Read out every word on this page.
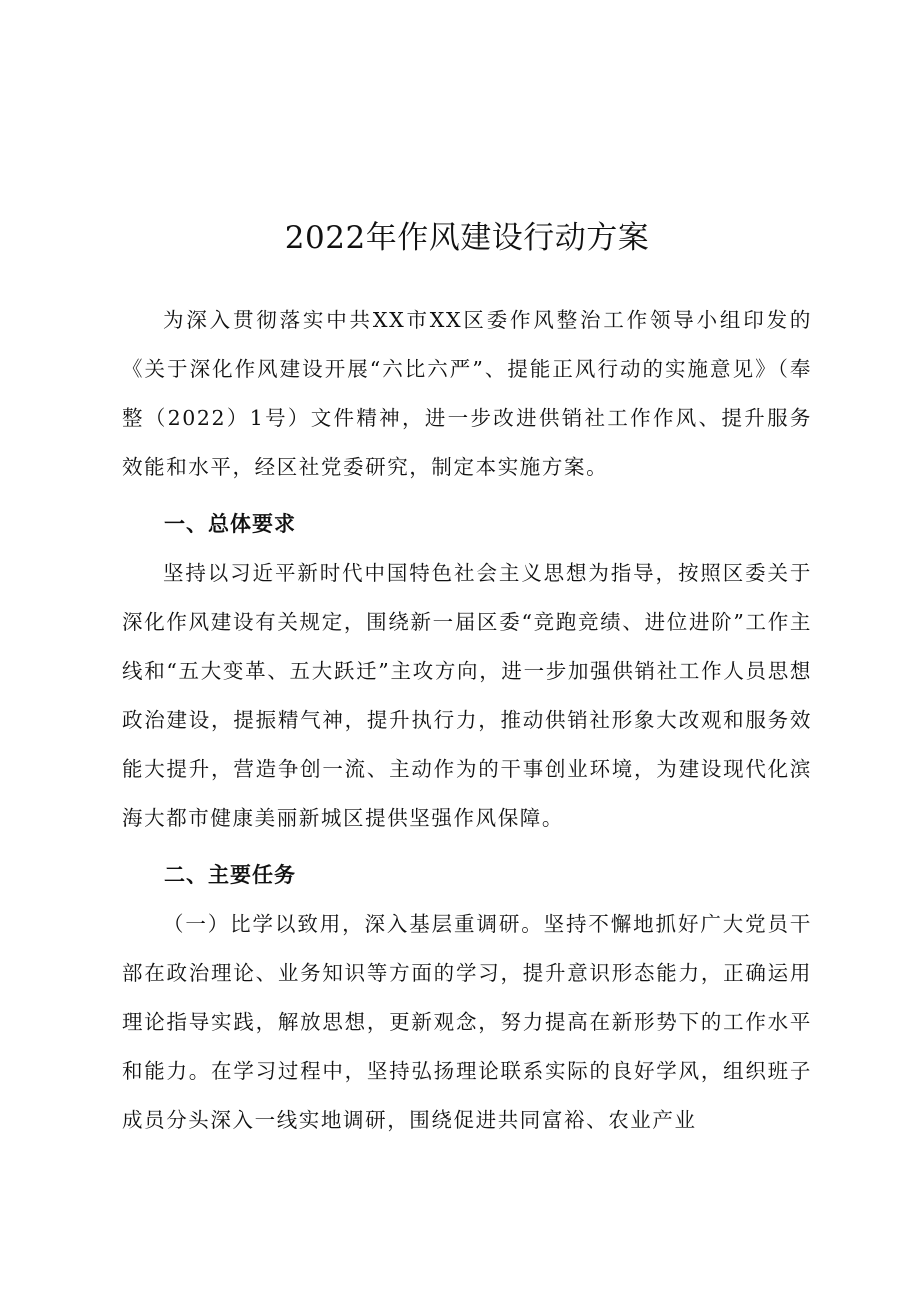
2022年作风建设行动方案

为深入贯彻落实中共XX市XX区委作风整治工作领导小组印发的《关于深化作风建设开展“六比六严”、提能正风行动的实施意见》（奉整（2022）1号）文件精神，进一步改进供销社工作作风、提升服务效能和水平，经区社党委研究，制定本实施方案。

一、总体要求

坚持以习近平新时代中国特色社会主义思想为指导，按照区委关于深化作风建设有关规定，围绕新一届区委“竞跑竞绩、进位进阶”工作主线和“五大变革、五大跃迁”主攻方向，进一步加强供销社工作人员思想政治建设，提振精气神，提升执行力，推动供销社形象大改观和服务效能大提升，营造争创一流、主动作为的干事创业环境，为建设现代化滨海大都市健康美丽新城区提供坚强作风保障。

二、主要任务

（一）比学以致用，深入基层重调研。坚持不懈地抓好广大党员干部在政治理论、业务知识等方面的学习，提升意识形态能力，正确运用理论指导实践，解放思想，更新观念，努力提高在新形势下的工作水平和能力。在学习过程中，坚持弘扬理论联系实际的良好学风，组织班子成员分头深入一线实地调研，围绕促进共同富裕、农业产业
